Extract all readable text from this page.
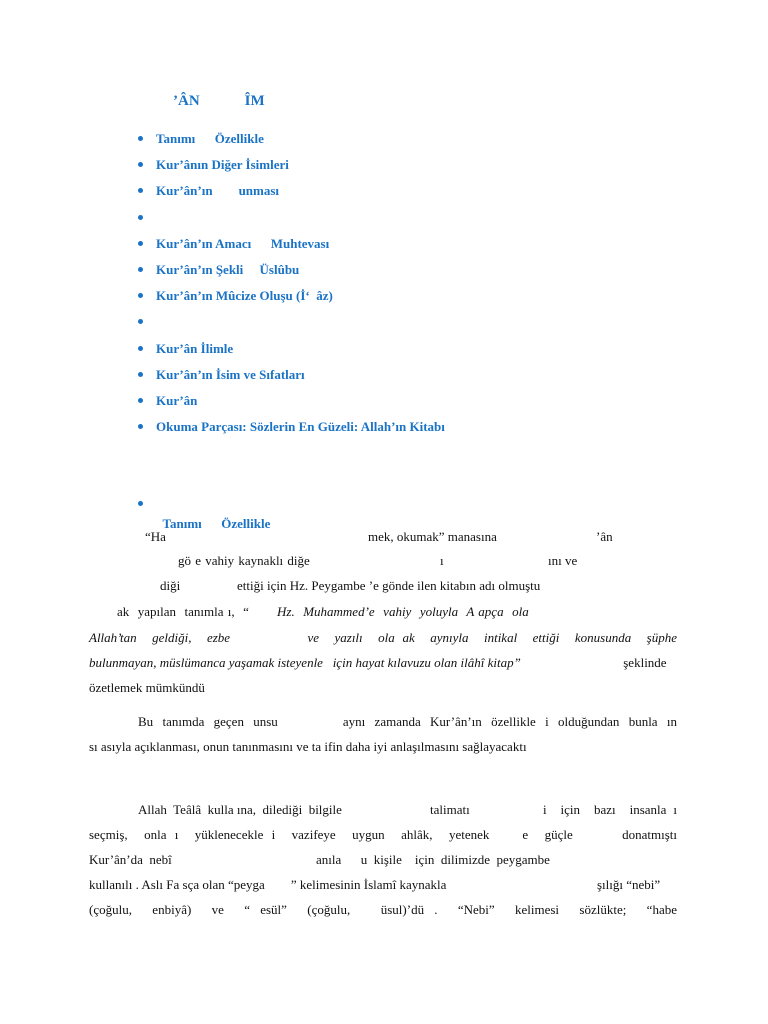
’ÂN            ÎM
Tanımı      Özellikle
Kur’ânın Diğer İsimleri
Kur’ân’ın        unması
Kur’ân’ın Amacı      Muhtevası
Kur’ân’ın Şekli     Üslûbu
Kur’ân’ın Mûcize Oluşu (İ‘  âz)
Kur’ân İlimle
Kur’ân’ın İsim ve Sıfatları
Kur’ân
Okuma Parçası: Sözlerin En Güzeli: Allah’ın Kitabı

Tanımı      Özellikle

“Ha	mek, okumak” manasına	’ân
gö e vahiy kaynaklı diğe	ı	ını ve
diği	ettiği için Hz. Peygambe ’e gönde ilen kitabın adı olmuştu
ak  yapılan  tanımla ı,  “ Hz.  Muhammed’e  vahiy  yoluyla  A apça  ola
Allah’tan  geldiği,  ezbe          ve  yazılı  ola ak  aynıyla  intikal  ettiği  konusunda  şüphe
bulunmayan, müslümanca yaşamak isteyenle   için hayat kılavuzu olan ilâhî kitap”	şeklinde
özetlemek mümkündü
Bu tanımda geçen unsu       aynı zamanda Kur’ân’ın özellikle i olduğundan bunla ın
sı asıyla açıklanması, onun tanınmasını ve ta ifin daha iyi anlaşılmasını sağlayacaktı
Allah  Teâlâ  kulla ına,  dilediği  bilgile	talimatı	i  için  bazı  insanla ı
seçmiş,  onla ı  yüklenecekle i  vazifeye  uygun  ahlâk,  yetenek    e  güçle      donatmıştı
Kur’ân’da  nebî	anıla      u  kişile    için  dilimizde  peygambe
kullanılı . Aslı Fa sça olan “peyga        ” kelimesinin İslamî kaynakla	şılığı “nebi”
(çoğulu,  enbiyâ)  ve  “ esül”  (çoğulu,   üsul)’dü .  “Nebi”  kelimesi  sözlükte;  “habe
